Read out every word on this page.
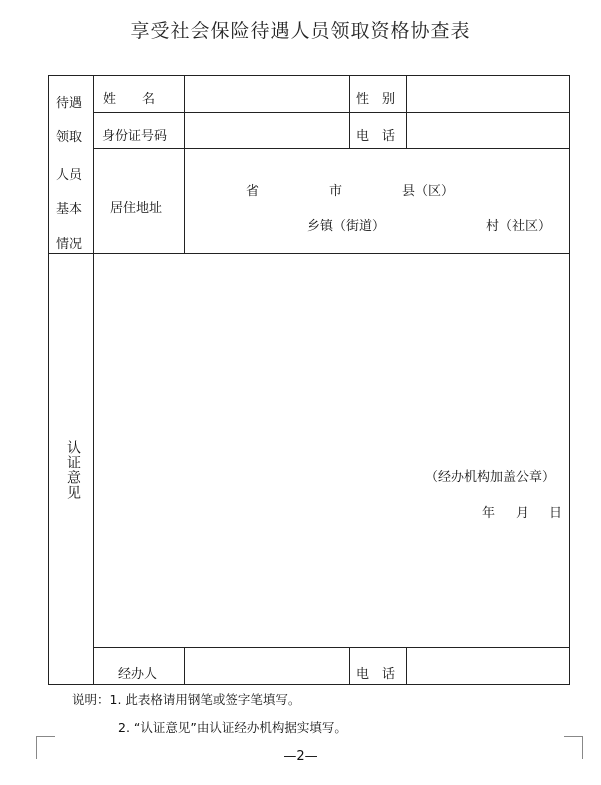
享受社会保险待遇人员领取资格协查表
待遇
领取
人员
基本
情况
姓　　名	性　别
身份证号码	电　话
居住地址
省	市	县（区）
乡镇（街道）	村（社区）
认证意见	（经办机构加盖公章）
年 月 日
经办人	电　话
说明：1. 此表格请用钢笔或签字笔填写。
2. “认证意见”由认证经办机构据实填写。
—2—
